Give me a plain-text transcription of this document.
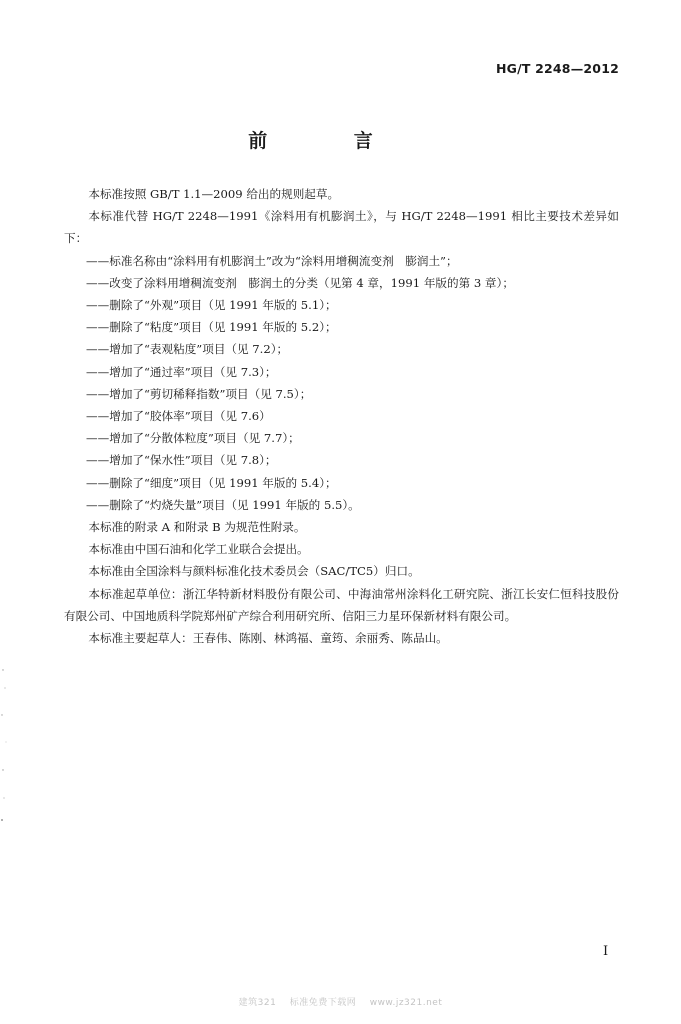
HG/T 2248—2012
前 言

本标准按照 GB/T 1.1—2009 给出的规则起草。

本标准代替 HG/T 2248—1991《涂料用有机膨润土》，与 HG/T 2248—1991 相比主要技术差异如下：

——标准名称由“涂料用有机膨润土”改为“涂料用增稠流变剂　膨润土”；

——改变了涂料用增稠流变剂　膨润土的分类（见第 4 章，1991 年版的第 3 章）；

——删除了“外观”项目（见 1991 年版的 5.1）；

——删除了“粘度”项目（见 1991 年版的 5.2）；

——增加了“表观粘度”项目（见 7.2）；

——增加了“通过率”项目（见 7.3）；

——增加了“剪切稀释指数”项目（见 7.5）；

——增加了“胶体率”项目（见 7.6）

——增加了“分散体粒度”项目（见 7.7）；

——增加了“保水性”项目（见 7.8）；

——删除了“细度”项目（见 1991 年版的 5.4）；

——删除了“灼烧失量”项目（见 1991 年版的 5.5）。

本标准的附录 A 和附录 B 为规范性附录。

本标准由中国石油和化学工业联合会提出。

本标准由全国涂料与颜料标准化技术委员会（SAC/TC5）归口。

本标准起草单位：浙江华特新材料股份有限公司、中海油常州涂料化工研究院、浙江长安仁恒科技股份有限公司、中国地质科学院郑州矿产综合利用研究所、信阳三力星环保新材料有限公司。

本标准主要起草人：王春伟、陈刚、林鸿福、童筠、余丽秀、陈品山。

I
建筑321    标准免费下载网    www.jz321.net
